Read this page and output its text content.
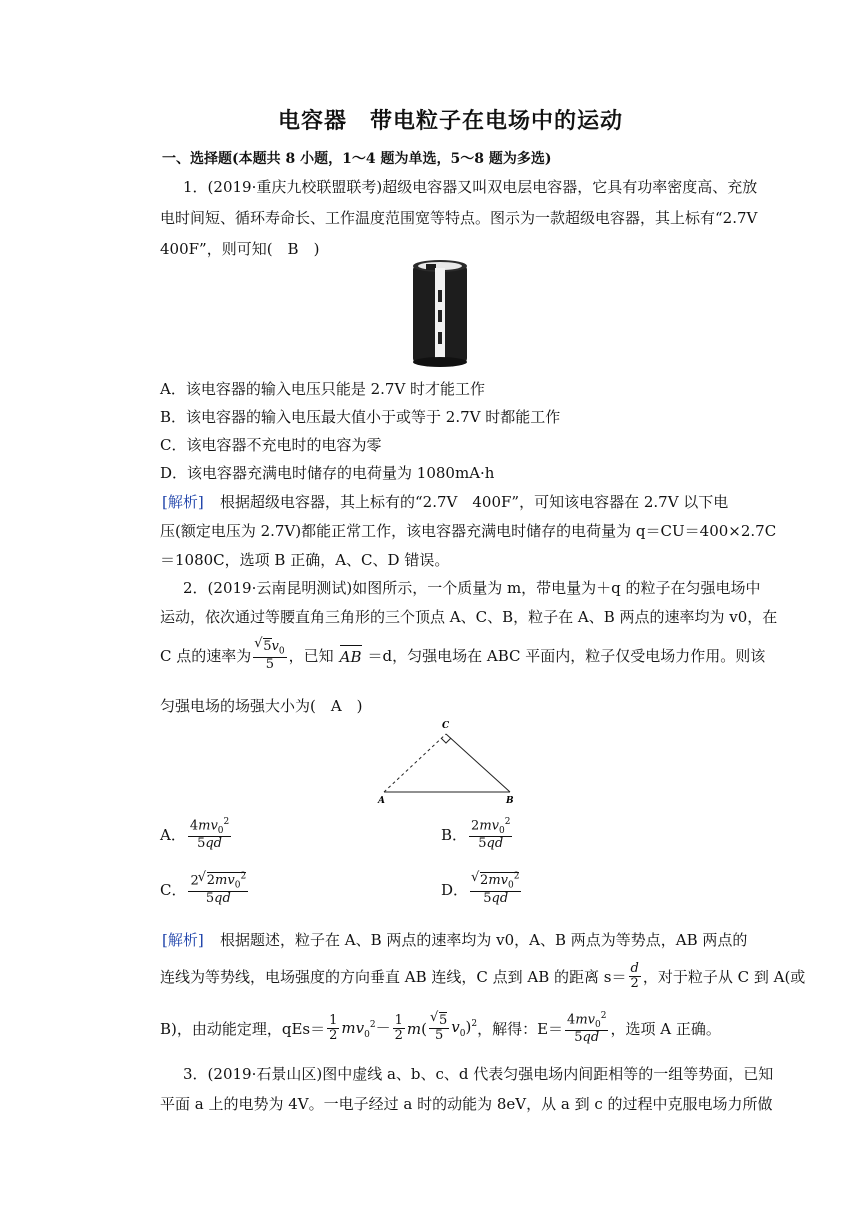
电容器　带电粒子在电场中的运动
一、选择题(本题共 8 小题，1～4 题为单选，5～8 题为多选)
1．(2019·重庆九校联盟联考)超级电容器又叫双电层电容器，它具有功率密度高、充放
电时间短、循环寿命长、工作温度范围宽等特点。图示为一款超级电容器，其上标有“2.7V
400F”，则可知(　B　)
A．该电容器的输入电压只能是 2.7V 时才能工作
B．该电容器的输入电压最大值小于或等于 2.7V 时都能工作
C．该电容器不充电时的电容为零
D．该电容器充满电时储存的电荷量为 1080mA·h
[解析] 根据超级电容器，其上标有的“2.7V　400F”，可知该电容器在 2.7V 以下电
压(额定电压为 2.7V)都能正常工作，该电容器充满电时储存的电荷量为 q＝CU＝400×2.7C
＝1080C，选项 B 正确，A、C、D 错误。
2．(2019·云南昆明测试)如图所示，一个质量为 m，带电量为＋q 的粒子在匀强电场中
运动，依次通过等腰直角三角形的三个顶点 A、C、B，粒子在 A、B 两点的速率均为 v0，在
C 点的速率为 √ $\frac{5v_0}{5}$ ，已知 AB ＝d，匀强电场在 ABC 平面内，粒子仅受电场力作用。则该
匀强电场的场强大小为(　A　)
C
A	B
A． $\frac{4mv_0^2}{5qd}$	B． $\frac{2mv_0^2}{5qd}$
C． $\frac{2 √ 2mv_0^2}{5qd}$	D． √ $\frac{2mv_0^2}{5qd}$
[解析] 根据题述，粒子在 A、B 两点的速率均为 v0，A、B 两点为等势点，AB 两点的
连线为等势线，电场强度的方向垂直 AB 连线，C 点到 AB 的距离 $s= \frac{d}{2}$ ，对于粒子从 C 到 A(或
B)，由动能定理，$qEs= \frac{1}{2} mv_0^2- \frac{1}{2} m$( √ $\frac{5}{5} v_0)^2$ ，解得：$E= \frac{4mv_0^2}{5qd}$ ，选项 A 正确。
3．(2019·石景山区)图中虚线 a、b、c、d 代表匀强电场内间距相等的一组等势面，已知
平面 a 上的电势为 4V。一电子经过 a 时的动能为 8eV，从 a 到 c 的过程中克服电场力所做
